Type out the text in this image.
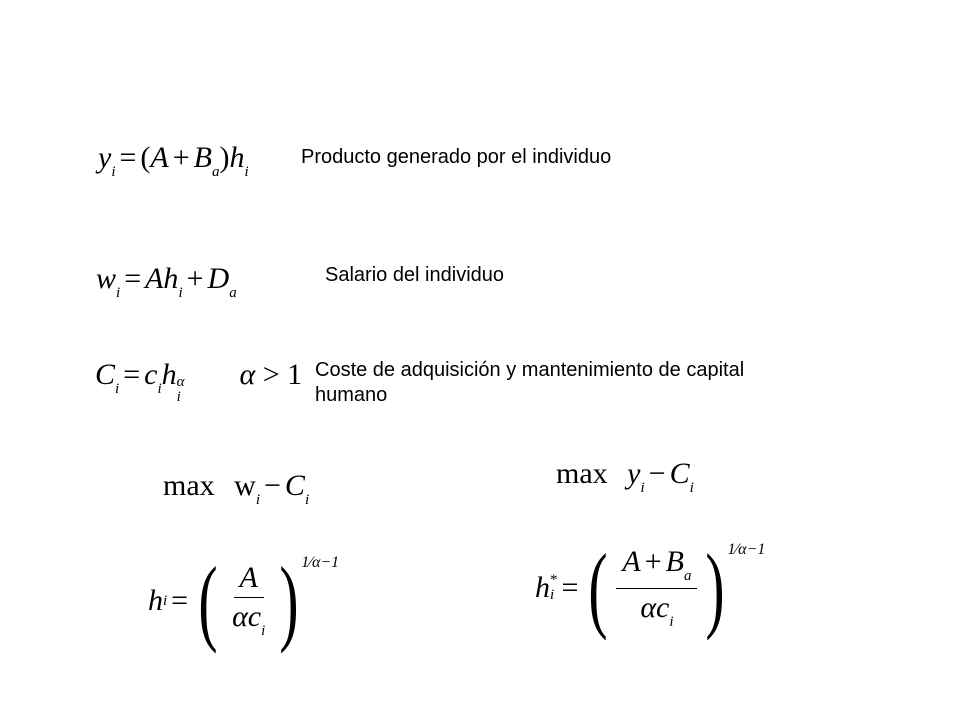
$y_i = (A + B_a)h_i$
Producto generado por el individuo
$w_i = Ah_i + D_a$
Salario del individuo
$C_i = c_ih$ α
i
α > 1 Coste de adquisición y mantenimiento de capital humano
$\max w_i - C_i$
$\max y_i - C_i$
h i = ( $\frac{A}{\alpha c_i}$ ) 1⁄α−1
h *
i = ( $\frac{A + B_a}{\alpha c_i}$ ) 1⁄α−1
